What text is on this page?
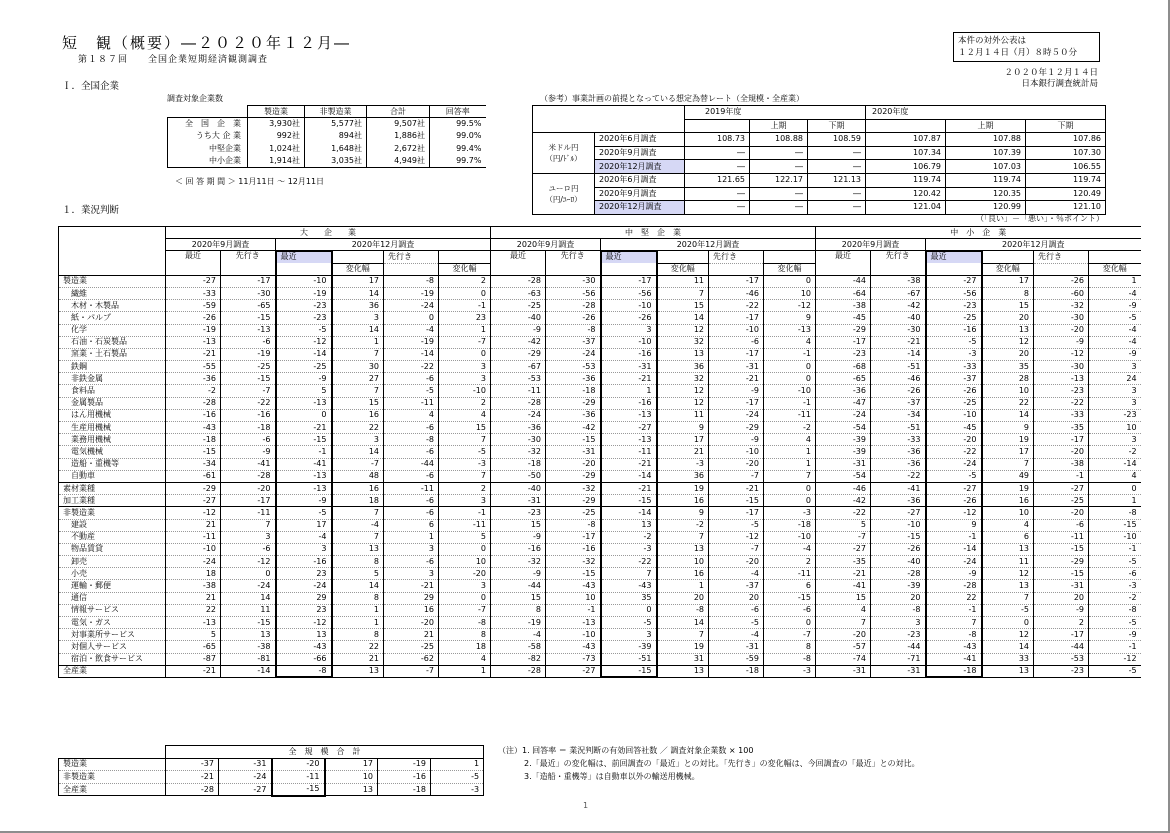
短　観（概要）―２０２０年１２月―
第１８７回　　全国企業短期経済観測調査
本件の対外公表は
１２月１４日（月）８時５０分
２０２０年１２月１４日
日本銀行調査統計局
Ｉ．全国企業
１．業況判断
調査対象企業数
	製造業	非製造業	合計	回答率
全　国　企　業	3,930社	5,577社	9,507社	99.5%
うち大 企 業	992社	894社	1,886社	99.0%
中堅企業	1,024社	1,648社	2,672社	99.4%
中小企業	1,914社	3,035社	4,949社	99.7%
＜ 回 答 期 間 ＞ 11月11日 ～ 12月11日
（参考）事業計画の前提となっている想定為替レート（全規模・全産業）
		2019年度			2020年度		
			上期	下期		上期	下期

米ドル円
（円/ﾄﾞﾙ）	2020年6月調査	108.73	108.88	108.59	107.87	107.88	107.86
	2020年9月調査	―	―	―	107.34	107.39	107.30
	2020年12月調査	―	―	―	106.79	107.03	106.55

ユーロ円
（円/ﾕｰﾛ）	2020年6月調査	121.65	122.17	121.13	119.74	119.74	119.74
	2020年9月調査	―	―	―	120.42	120.35	120.49
	2020年12月調査	―	―	―	121.04	120.99	121.10
（「良い」－「悪い」・％ポイント）
	大　　企　　業						中　堅　企　業						中　小　企　業					
	2020年9月調査		2020年12月調査				2020年9月調査		2020年12月調査				2020年9月調査		2020年12月調査			
	最近	先行き	最近		先行き		最近	先行き	最近		先行き		最近	先行き	最近		先行き	
				変化幅		変化幅				変化幅		変化幅				変化幅		変化幅
製造業	-27	-17	-10	17	-8	2	-28	-30	-17	11	-17	0	-44	-38	-27	17	-26	1
繊維	-33	-30	-19	14	-19	0	-63	-56	-56	7	-46	10	-64	-67	-56	8	-60	-4
木材・木製品	-59	-65	-23	36	-24	-1	-25	-28	-10	15	-22	-12	-38	-42	-23	15	-32	-9
紙・パルプ	-26	-15	-23	3	0	23	-40	-26	-26	14	-17	9	-45	-40	-25	20	-30	-5
化学	-19	-13	-5	14	-4	1	-9	-8	3	12	-10	-13	-29	-30	-16	13	-20	-4
石油・石炭製品	-13	-6	-12	1	-19	-7	-42	-37	-10	32	-6	4	-17	-21	-5	12	-9	-4
窯業・土石製品	-21	-19	-14	7	-14	0	-29	-24	-16	13	-17	-1	-23	-14	-3	20	-12	-9
鉄鋼	-55	-25	-25	30	-22	3	-67	-53	-31	36	-31	0	-68	-51	-33	35	-30	3
非鉄金属	-36	-15	-9	27	-6	3	-53	-36	-21	32	-21	0	-65	-46	-37	28	-13	24
食料品	-2	-7	5	7	-5	-10	-11	-18	1	12	-9	-10	-36	-26	-26	10	-23	3
金属製品	-28	-22	-13	15	-11	2	-28	-29	-16	12	-17	-1	-47	-37	-25	22	-22	3
はん用機械	-16	-16	0	16	4	4	-24	-36	-13	11	-24	-11	-24	-34	-10	14	-33	-23
生産用機械	-43	-18	-21	22	-6	15	-36	-42	-27	9	-29	-2	-54	-51	-45	9	-35	10
業務用機械	-18	-6	-15	3	-8	7	-30	-15	-13	17	-9	4	-39	-33	-20	19	-17	3
電気機械	-15	-9	-1	14	-6	-5	-32	-31	-11	21	-10	1	-39	-36	-22	17	-20	-2
造船・重機等	-34	-41	-41	-7	-44	-3	-18	-20	-21	-3	-20	1	-31	-36	-24	7	-38	-14
自動車	-61	-28	-13	48	-6	7	-50	-29	-14	36	-7	7	-54	-22	-5	49	-1	4
素材業種	-29	-20	-13	16	-11	2	-40	-32	-21	19	-21	0	-46	-41	-27	19	-27	0
加工業種	-27	-17	-9	18	-6	3	-31	-29	-15	16	-15	0	-42	-36	-26	16	-25	1
非製造業	-12	-11	-5	7	-6	-1	-23	-25	-14	9	-17	-3	-22	-27	-12	10	-20	-8
建設	21	7	17	-4	6	-11	15	-8	13	-2	-5	-18	5	-10	9	4	-6	-15
不動産	-11	3	-4	7	1	5	-9	-17	-2	7	-12	-10	-7	-15	-1	6	-11	-10
物品賃貸	-10	-6	3	13	3	0	-16	-16	-3	13	-7	-4	-27	-26	-14	13	-15	-1
卸売	-24	-12	-16	8	-6	10	-32	-32	-22	10	-20	2	-35	-40	-24	11	-29	-5
小売	18	0	23	5	3	-20	-9	-15	7	16	-4	-11	-21	-28	-9	12	-15	-6
運輸・郵便	-38	-24	-24	14	-21	3	-44	-43	-43	1	-37	6	-41	-39	-28	13	-31	-3
通信	21	14	29	8	29	0	15	10	35	20	20	-15	15	20	22	7	20	-2
情報サービス	22	11	23	1	16	-7	8	-1	0	-8	-6	-6	4	-8	-1	-5	-9	-8
電気・ガス	-13	-15	-12	1	-20	-8	-19	-13	-5	14	-5	0	7	3	7	0	2	-5
対事業所サービス	5	13	13	8	21	8	-4	-10	3	7	-4	-7	-20	-23	-8	12	-17	-9
対個人サービス	-65	-38	-43	22	-25	18	-58	-43	-39	19	-31	8	-57	-44	-43	14	-44	-1
宿泊・飲食サービス	-87	-81	-66	21	-62	4	-82	-73	-51	31	-59	-8	-74	-71	-41	33	-53	-12
全産業	-21	-14	-8	13	-7	1	-28	-27	-15	13	-18	-3	-31	-31	-18	13	-23	-5
	全　規　模　合　計					
製造業	-37	-31	-20	17	-19	1
非製造業	-21	-24	-11	10	-16	-5
全産業	-28	-27	-15	13	-18	-3
（注）1. 回答率 ＝ 業況判断の有効回答社数 ／ 調査対象企業数 × 100
2.「最近」の変化幅は、前回調査の「最近」との対比。「先行き」の変化幅は、今回調査の「最近」との対比。
3.「造船・重機等」は自動車以外の輸送用機械。
1
